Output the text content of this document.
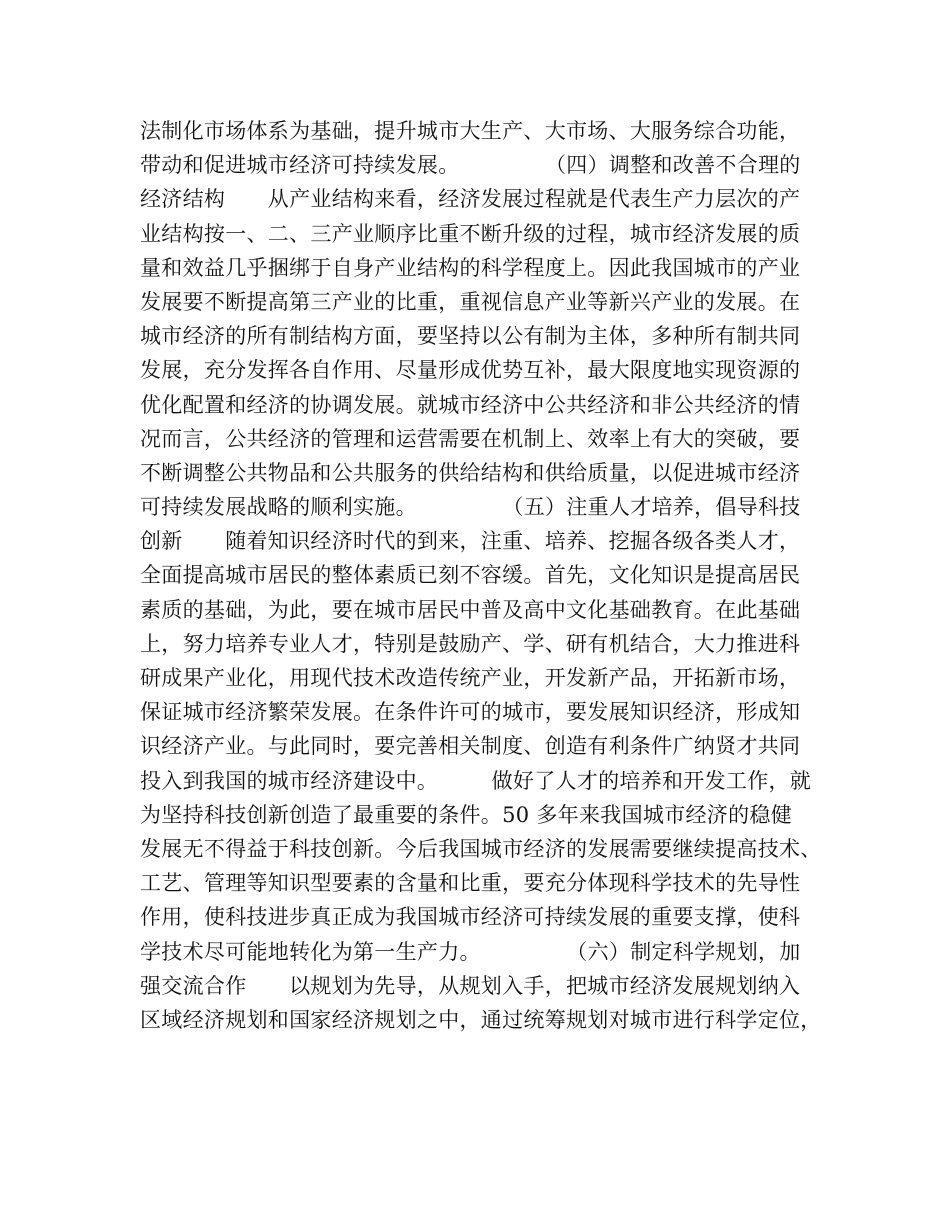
法制化市场体系为基础，提升城市大生产、大市场、大服务综合功能，
带动和促进城市经济可持续发展。　　　　　（四）调整和改善不合理的
经济结构　　从产业结构来看，经济发展过程就是代表生产力层次的产
业结构按一、二、三产业顺序比重不断升级的过程，城市经济发展的质
量和效益几乎捆绑于自身产业结构的科学程度上。因此我国城市的产业
发展要不断提高第三产业的比重，重视信息产业等新兴产业的发展。在
城市经济的所有制结构方面，要坚持以公有制为主体，多种所有制共同
发展，充分发挥各自作用、尽量形成优势互补，最大限度地实现资源的
优化配置和经济的协调发展。就城市经济中公共经济和非公共经济的情
况而言，公共经济的管理和运营需要在机制上、效率上有大的突破，要
不断调整公共物品和公共服务的供给结构和供给质量，以促进城市经济
可持续发展战略的顺利实施。　　　　　（五）注重人才培养，倡导科技
创新　　随着知识经济时代的到来，注重、培养、挖掘各级各类人才，
全面提高城市居民的整体素质已刻不容缓。首先，文化知识是提高居民
素质的基础，为此，要在城市居民中普及高中文化基础教育。在此基础
上，努力培养专业人才，特别是鼓励产、学、研有机结合，大力推进科
研成果产业化，用现代技术改造传统产业，开发新产品，开拓新市场，
保证城市经济繁荣发展。在条件许可的城市，要发展知识经济，形成知
识经济产业。与此同时，要完善相关制度、创造有利条件广纳贤才共同
投入到我国的城市经济建设中。　　　做好了人才的培养和开发工作，就
为坚持科技创新创造了最重要的条件。50 多年来我国城市经济的稳健
发展无不得益于科技创新。今后我国城市经济的发展需要继续提高技术、
工艺、管理等知识型要素的含量和比重，要充分体现科学技术的先导性
作用，使科技进步真正成为我国城市经济可持续发展的重要支撑，使科
学技术尽可能地转化为第一生产力。　　　　　（六）制定科学规划，加
强交流合作　　以规划为先导，从规划入手，把城市经济发展规划纳入
区域经济规划和国家经济规划之中，通过统筹规划对城市进行科学定位，
